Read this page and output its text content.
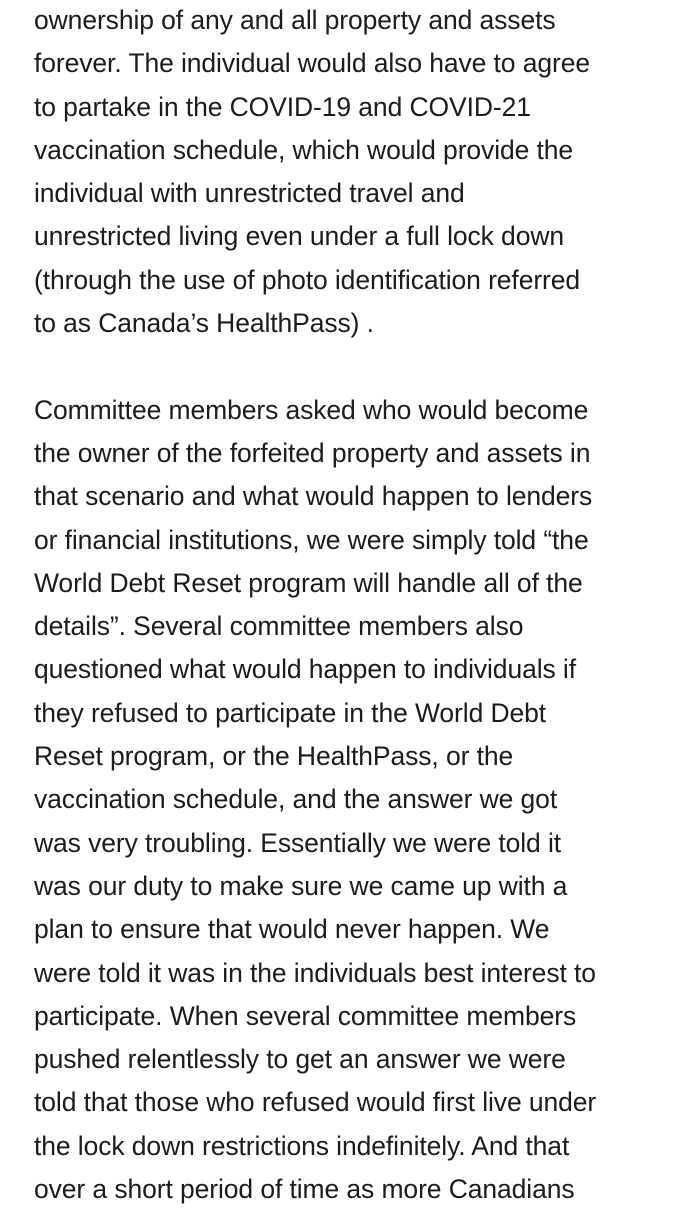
ownership of any and all property and assets
forever. The individual would also have to agree
to partake in the COVID-19 and COVID-21
vaccination schedule, which would provide the
individual with unrestricted travel and
unrestricted living even under a full lock down
(through the use of photo identification referred
to as Canada’s HealthPass) .
Committee members asked who would become
the owner of the forfeited property and assets in
that scenario and what would happen to lenders
or financial institutions, we were simply told “the
World Debt Reset program will handle all of the
details”. Several committee members also
questioned what would happen to individuals if
they refused to participate in the World Debt
Reset program, or the HealthPass, or the
vaccination schedule, and the answer we got
was very troubling. Essentially we were told it
was our duty to make sure we came up with a
plan to ensure that would never happen. We
were told it was in the individuals best interest to
participate. When several committee members
pushed relentlessly to get an answer we were
told that those who refused would first live under
the lock down restrictions indefinitely. And that
over a short period of time as more Canadians
